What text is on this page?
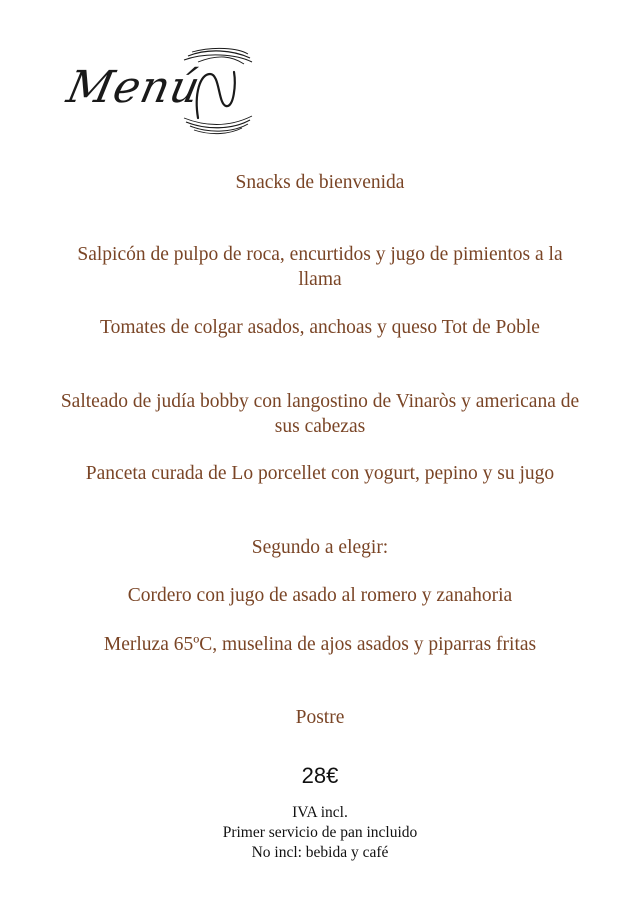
Menú
Snacks de bienvenida
Salpicón de pulpo de roca, encurtidos y jugo de pimientos a la llama
Tomates de colgar asados, anchoas y queso Tot de Poble
Salteado de judía bobby con langostino de Vinaròs y americana de sus cabezas
Panceta curada de Lo porcellet con yogurt, pepino y su jugo
Segundo a elegir:
Cordero con jugo de asado al romero y zanahoria
Merluza 65ºC, muselina de ajos asados y piparras fritas
Postre
28€
IVA incl.
Primer servicio de pan incluido
No incl: bebida y café
